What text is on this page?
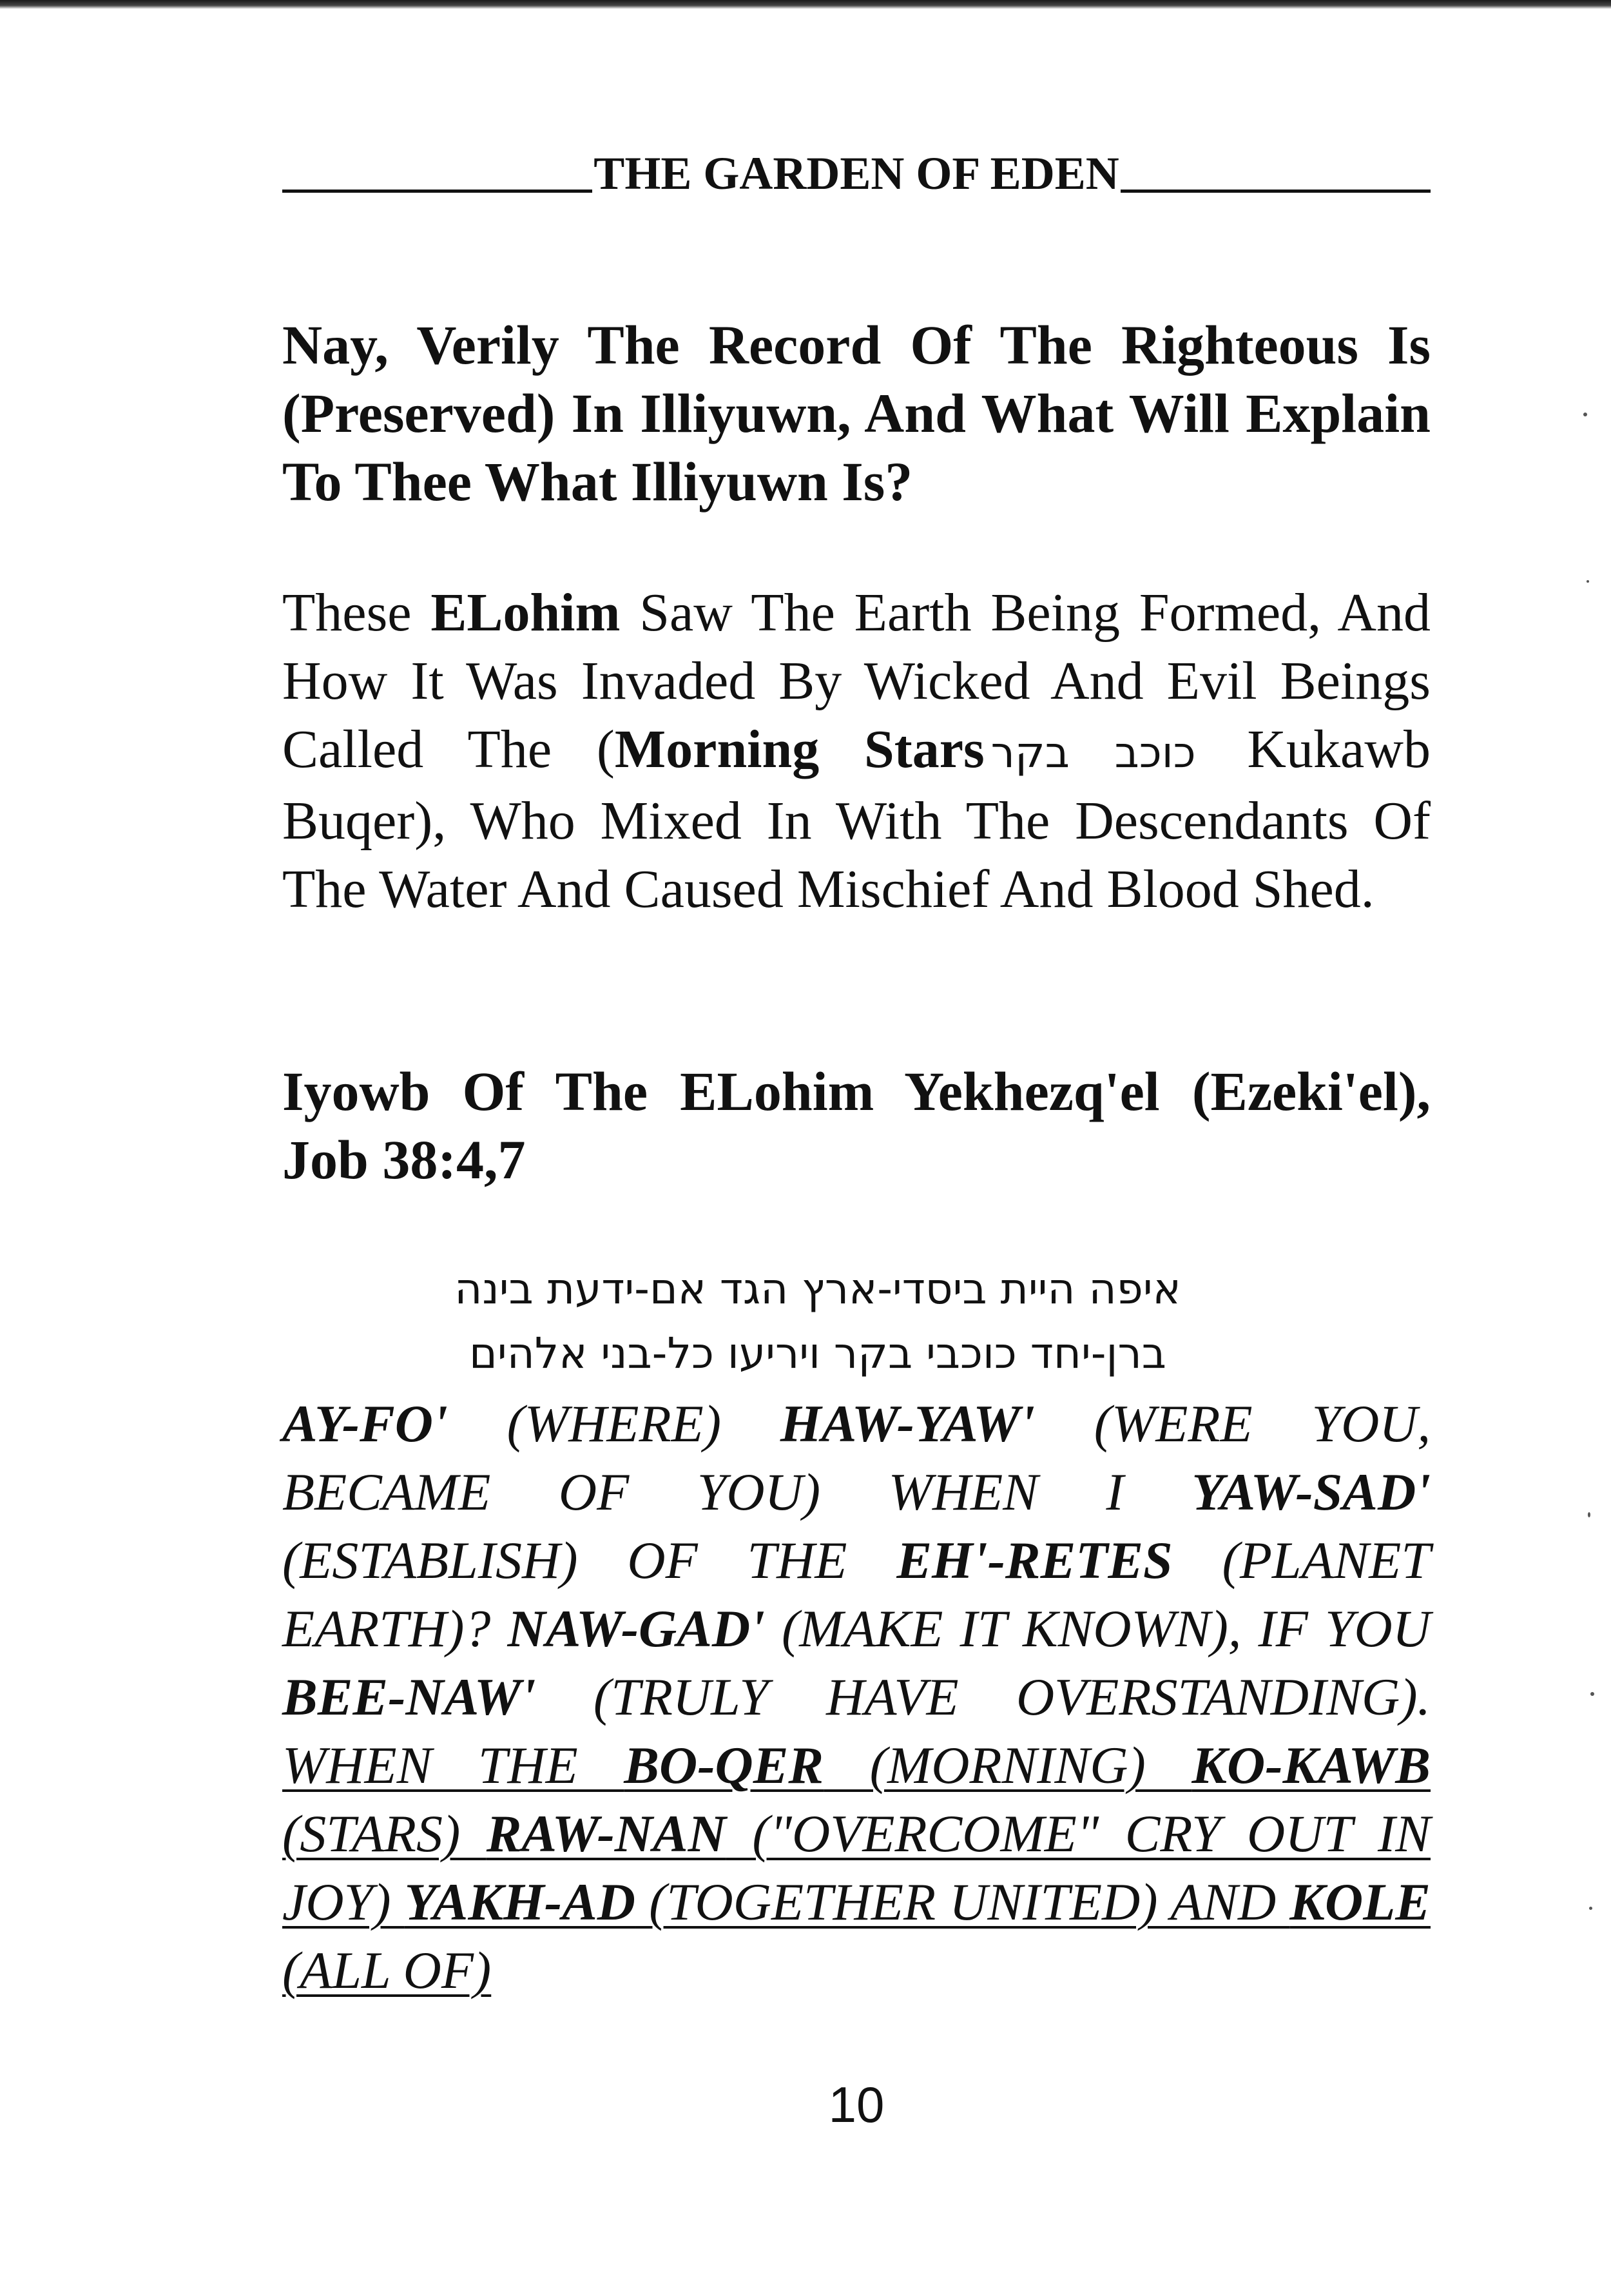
THE GARDEN OF EDEN
Nay, Verily The Record Of The Righteous Is (Preserved) In Illiyuwn, And What Will Explain To Thee What Illiyuwn Is?
These ELohim Saw The Earth Being Formed, And How It Was Invaded By Wicked And Evil Beings Called The (Morning Stars כוכב בקר Kukawb Buqer), Who Mixed In With The Descendants Of The Water And Caused Mischief And Blood Shed.
Iyowb Of The ELohim Yekhezq'el (Ezeki'el), Job 38:4,7
איפה היית ביסדי-ארץ הגד אם-ידעת בינה
ברן-יחד כוכבי בקר ויריעו כל-בני אלהים
AY-FO' (WHERE) HAW-YAW' (WERE YOU, BECAME OF YOU) WHEN I YAW-SAD' (ESTABLISH) OF THE EH'-RETES (PLANET EARTH)? NAW-GAD' (MAKE IT KNOWN), IF YOU BEE-NAW' (TRULY HAVE OVERSTANDING). WHEN THE BO-QER (MORNING) KO-KAWB (STARS) RAW-NAN ("OVERCOME" CRY OUT IN JOY) YAKH-AD (TOGETHER UNITED) AND KOLE (ALL OF)
10
